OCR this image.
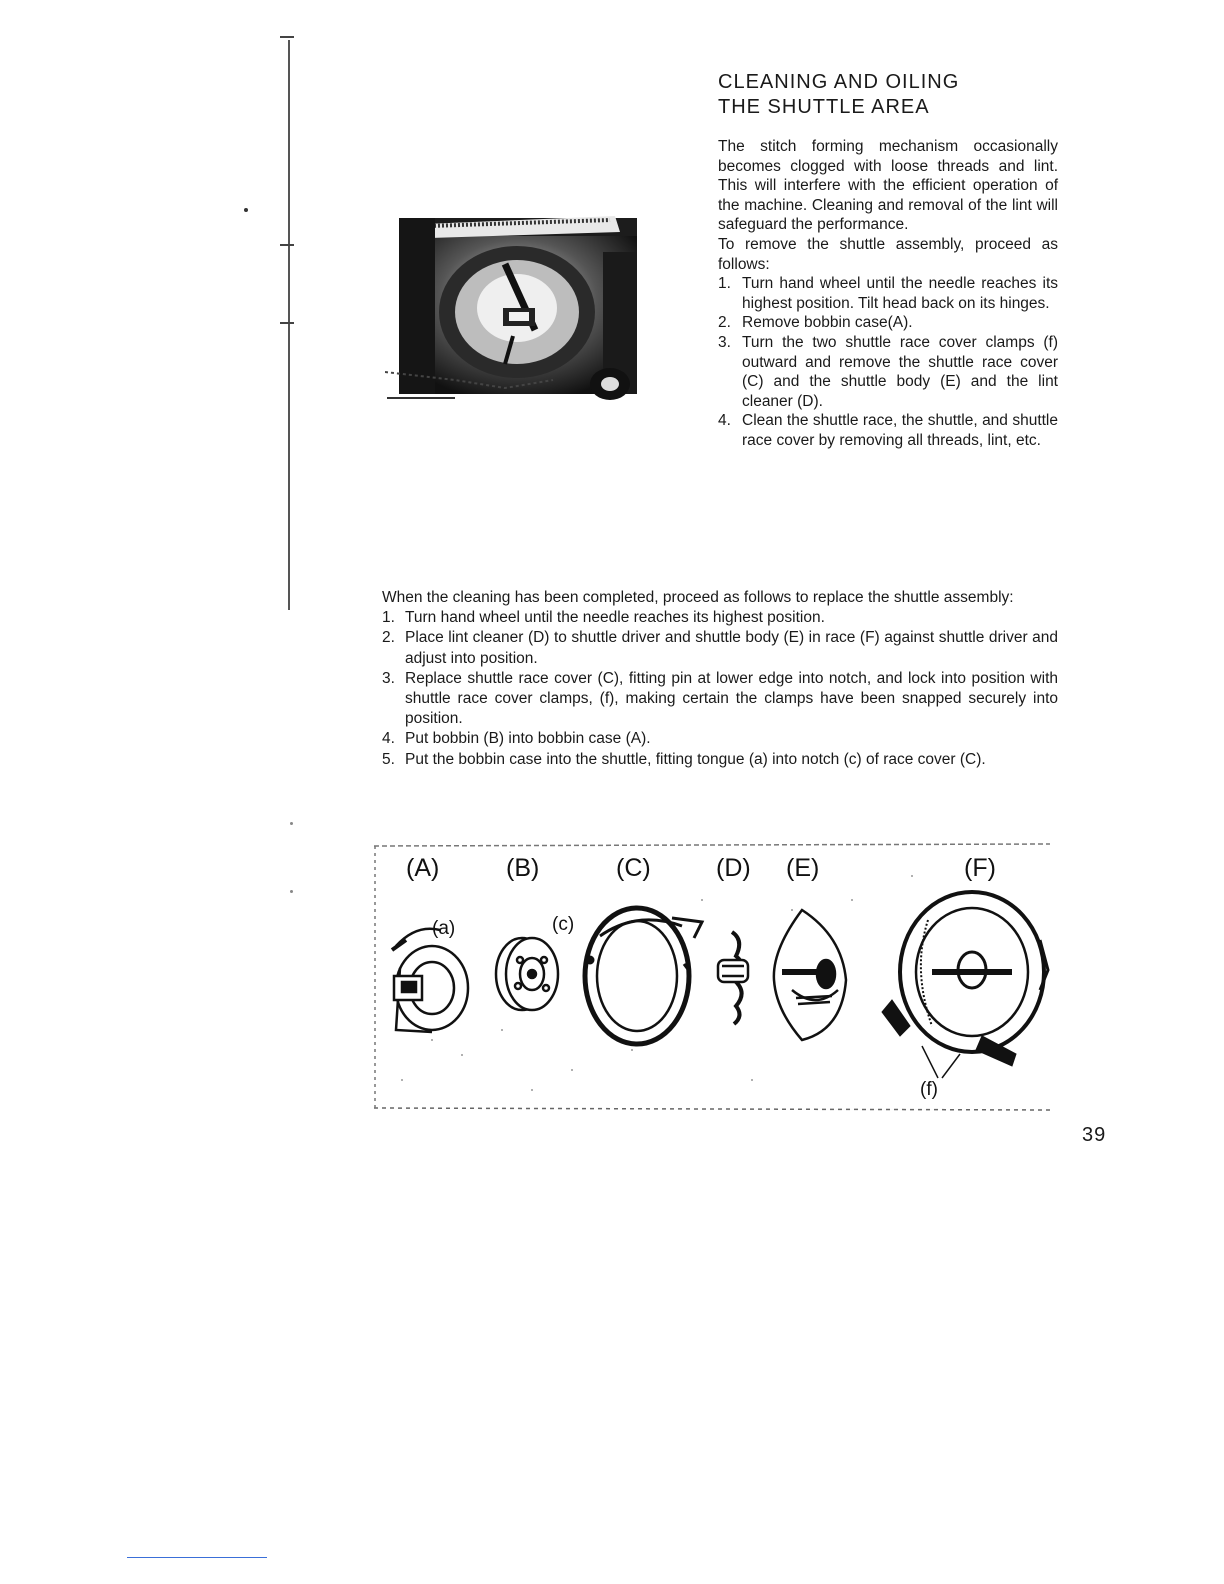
CLEANING AND OILING
THE SHUTTLE AREA

The stitch forming mechanism occasionally becomes clogged with loose threads and lint. This will interfere with the efficient operation of the machine. Cleaning and removal of the lint will safeguard the performance.

To remove the shuttle assembly, proceed as follows:

1. Turn hand wheel until the needle reaches its highest position. Tilt head back on its hinges.
2. Remove bobbin case(A).
3. Turn the two shuttle race cover clamps (f) outward and remove the shuttle race cover (C) and the shuttle body (E) and the lint cleaner (D).
4. Clean the shuttle race, the shuttle, and shuttle race cover by removing all threads, lint, etc.

When the cleaning has been completed, proceed as follows to replace the shuttle assembly:

1. Turn hand wheel until the needle reaches its highest position.
2. Place lint cleaner (D) to shuttle driver and shuttle body (E) in race (F) against shuttle driver and adjust into position.
3. Replace shuttle race cover (C), fitting pin at lower edge into notch, and lock into position with shuttle race cover clamps, (f), making certain the clamps have been snapped securely into position.
4. Put bobbin (B) into bobbin case (A).
5. Put the bobbin case into the shuttle, fitting tongue (a) into notch (c) of race cover (C).
(A)	(B)	(C)	(D) (E)	(F)
(a)	(c)
(f)
39
